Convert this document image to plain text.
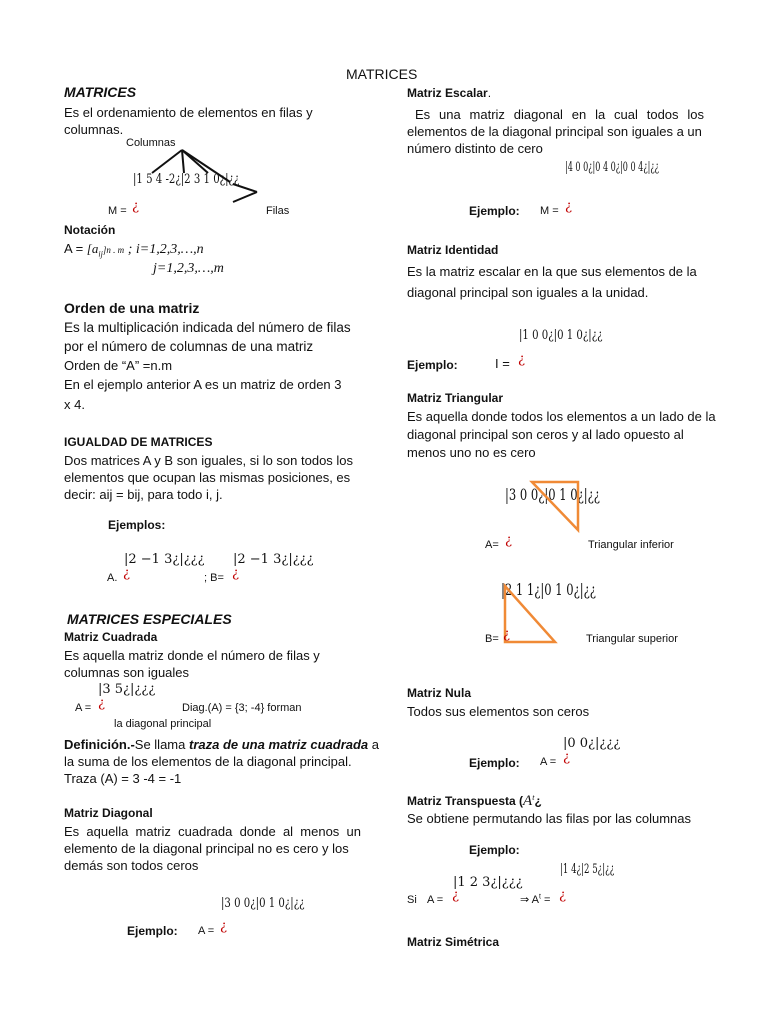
MATRICES
MATRICES
Es el ordenamiento de elementos en filas y columnas.
Columnas
|1 5 4 -2¿|2 3 1 0¿|¿¿
M = ¿	Filas
Notación
$A = [a_{ij}]n$ . m ; i=1,2,3,…,n
j=1,2,3,…,m
Orden de una matriz
Es la multiplicación indicada del número de filas
por el número de columnas de una matriz
Orden de “A” =n.m
En el ejemplo anterior A es un matriz de orden 3
x 4.
IGUALDAD DE MATRICES
Dos matrices A y B son iguales, si lo son todos los
elementos que ocupan las mismas posiciones, es
decir: aij = bij, para todo i, j.
Ejemplos:
|2 −1 3¿|¿¿¿
A. ¿
|2 −1 3¿|¿¿¿
; B= ¿
MATRICES ESPECIALES
Matriz Cuadrada
Es aquella matriz donde el número de filas y
columnas son iguales
|3 5¿|¿¿¿
A = ¿	Diag.(A) = {3; -4} forman
la diagonal principal
Definición.-Se llama traza de una matriz cuadrada a
la suma de los elementos de la diagonal principal.
Traza (A) = 3 -4 = -1
Matriz Diagonal
Es aquella matriz cuadrada donde al menos un
elemento de la diagonal principal no es cero y los
demás son todos ceros
|3 0 0¿|0 1 0¿|¿¿
Ejemplo: A = ¿
Matriz Escalar.
Es una matriz diagonal en la cual todos los
elementos de la diagonal principal son iguales a un
número distinto de cero
|4 0 0¿|0 4 0¿|0 0 4¿|¿¿
Ejemplo: M = ¿
Matriz Identidad
Es la matriz escalar en la que sus elementos de la
diagonal principal son iguales a la unidad.
|1 0 0¿|0 1 0¿|¿¿
Ejemplo:	I = ¿
Matriz Triangular
Es aquella donde todos los elementos a un lado de la
diagonal principal son ceros y al lado opuesto al
menos uno no es cero
|3 0 0¿|0 1 0¿|¿¿
A= ¿	Triangular inferior
|2 1 1¿|0 1 0¿|¿¿
B= ¿	Triangular superior
Matriz Nula
Todos sus elementos son ceros
|0 0¿|¿¿¿
Ejemplo: A = ¿
Matriz Transpuesta ($A^t¿$
Se obtiene permutando las filas por las columnas
Ejemplo:
|1 2 3¿|¿¿¿
Si A = ¿	⇒ $A^t$ =
|1 4¿|2 5¿|¿¿
¿
Matriz Simétrica
